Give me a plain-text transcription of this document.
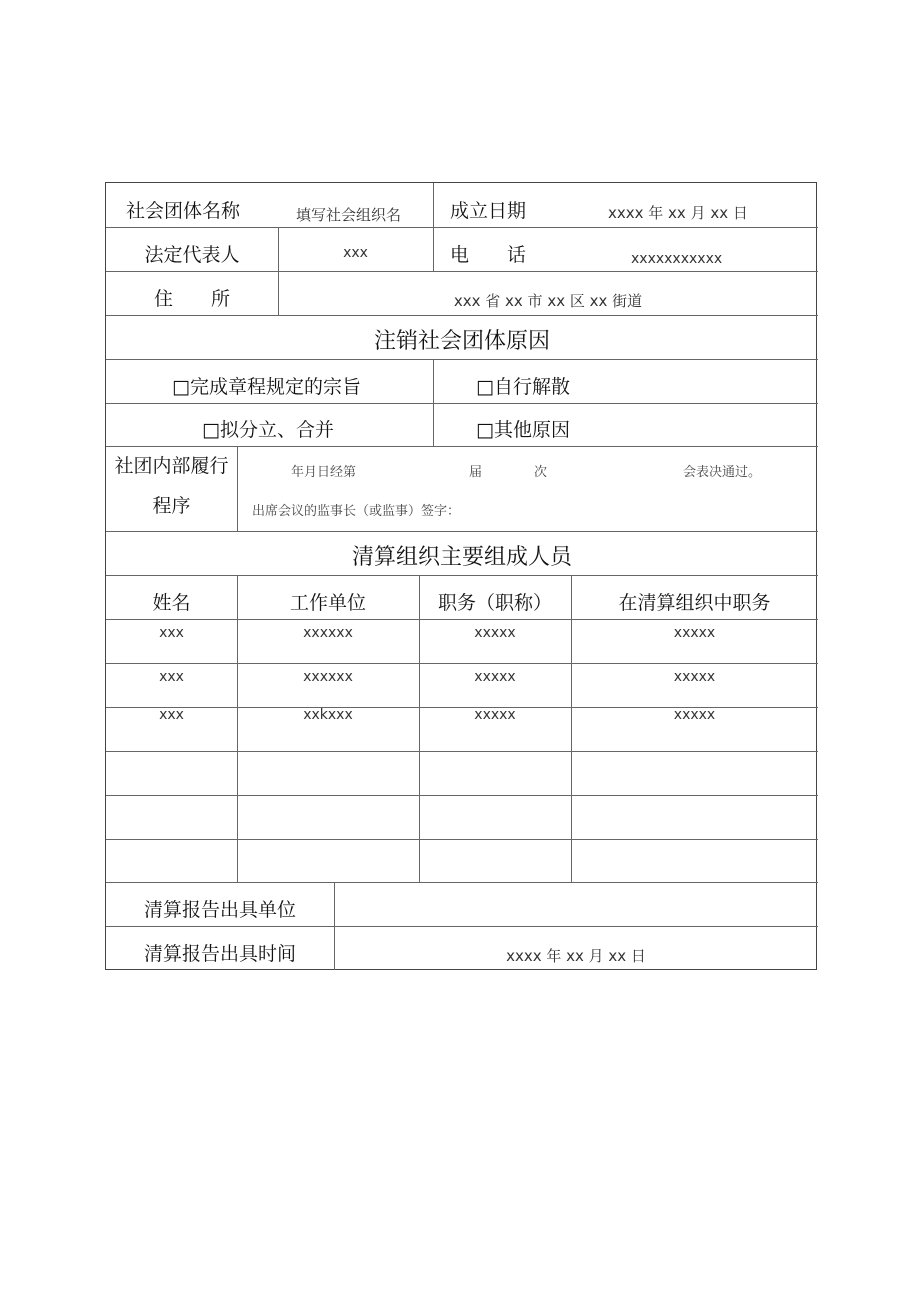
社会团体名称	填写社会组织名	成立日期	xxxx 年 xx 月 xx 日
法定代表人	xxx	电　　话	xxxxxxxxxxx
住　　所	xxx 省 xx 市 xx 区 xx 街道
注销社会团体原因
□完成章程规定的宗旨	□自行解散
□拟分立、合并	□其他原因
社团内部履行
程序
年月日经第	届	次	会表决通过。
出席会议的监事长（或监事）签字：
清算组织主要组成人员
姓名	工作单位	职务（职称）	在清算组织中职务
xxx	xxxxxx	xxxxx	xxxxx
xxx	xxxxxx	xxxxx	xxxxx
xxx	xxkxxx	xxxxx	xxxxx
清算报告出具单位
清算报告出具时间	xxxx 年 xx 月 xx 日
